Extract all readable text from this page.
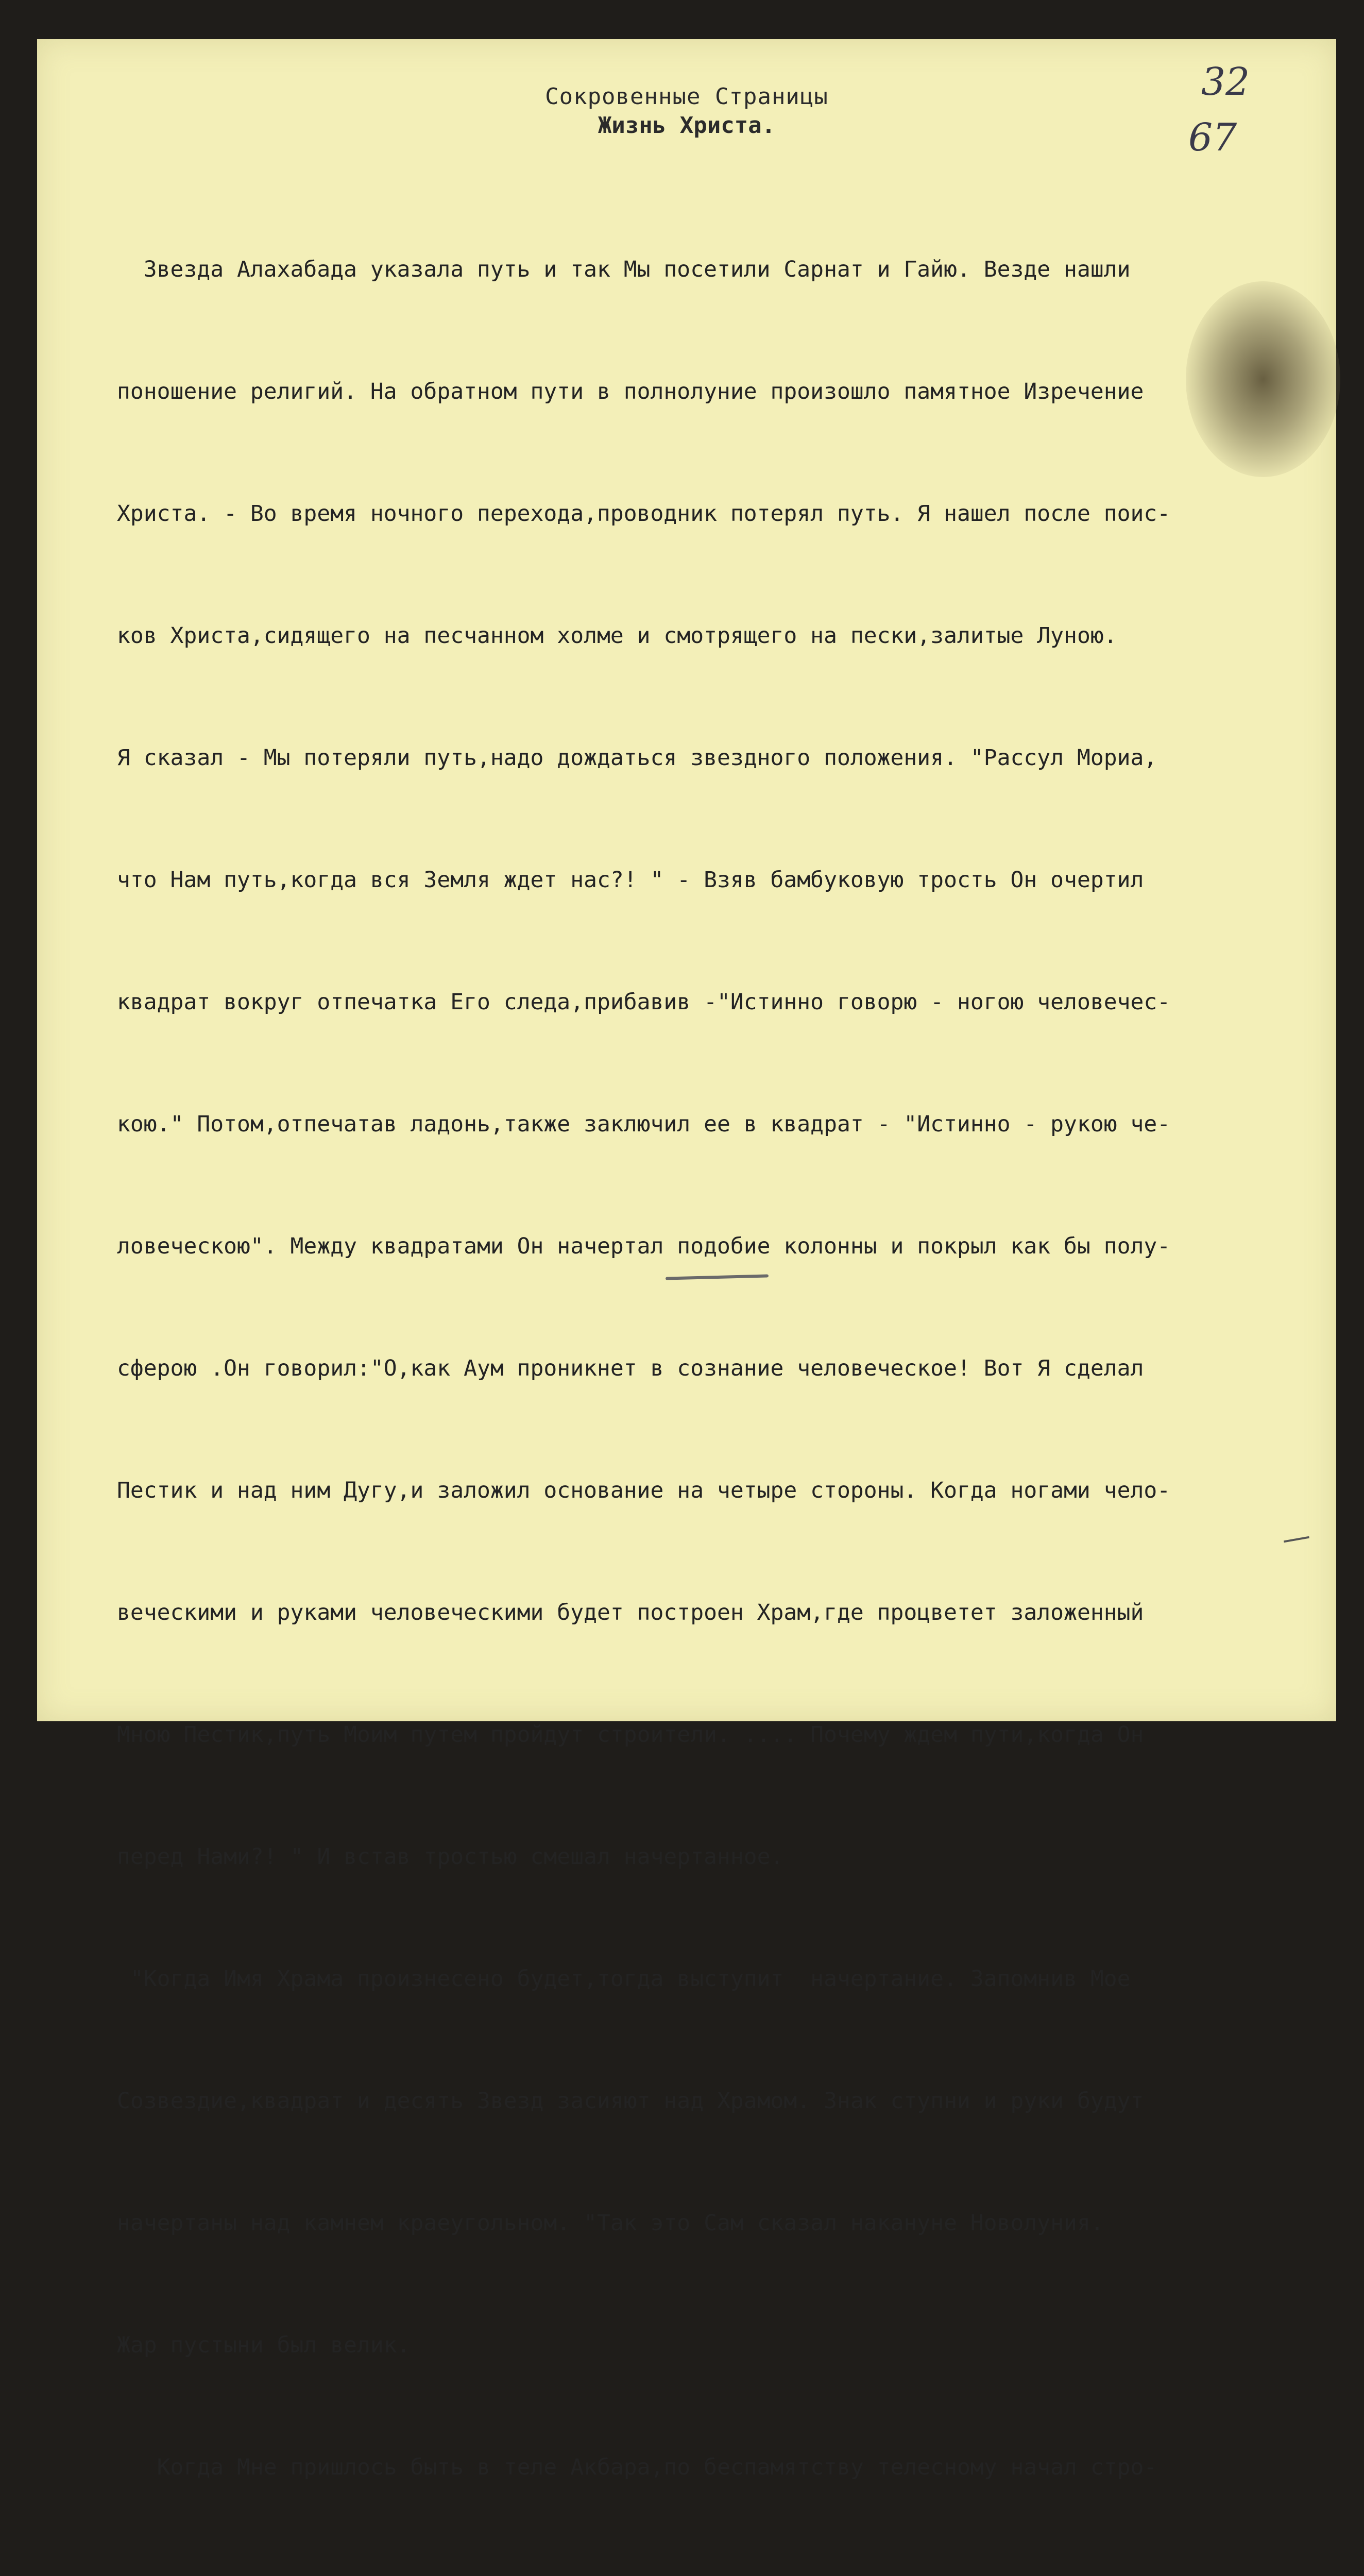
32
67
Сокровенные Страницы
Жизнь Христа.

Звезда Алахабада указала путь и так Мы посетили Сарнат и Гайю. Везде нашли

поношение религий. На обратном пути в полнолуние произошло памятное Изречение

Христа. - Во время ночного перехода,проводник потерял путь. Я нашел после поис-

ков Христа,сидящего на песчанном холме и смотрящего на пески,залитые Луною.

Я сказал - Мы потеряли путь,надо дождаться звездного положения. "Рассул Мориа,

что Нам путь,когда вся Земля ждет нас?! " - Взяв бамбуковую трость Он очертил

квадрат вокруг отпечатка Его следа,прибавив -"Истинно говорю - ногою человечес-

кою." Потом,отпечатав ладонь,также заключил ее в квадрат - "Истинно - рукою че-

ловеческою". Между квадратами Он начертал подобие колонны и покрыл как бы полу-

сферою .Он говорил:"О,как Аум проникнет в сознание человеческое! Вот Я сделал

Пестик и над ним Дугу,и заложил основание на четыре стороны. Когда ногами чело-

веческими и руками человеческими будет построен Храм,где процветет заложенный

Мною Пестик,путь Моим путем пройдут строители. .... Почему ждем пути,когда Он

перед Нами?! " И встав тростью смешал начертанное.

"Когда Имя Храма произнесено будет,тогда выступит  начертание. Запомнив Мое

Созвездие,квадрат и десять Звезд засияют над Храмом. Знак ступни и руки будут

начертаны над камнем краеугольном. "Так это Сам сказал накануне Новолуния.

Жар пустыни был велик.

Когда Мне пришлось быть в теле Акбара,по беспамятству телесному начал стро-
